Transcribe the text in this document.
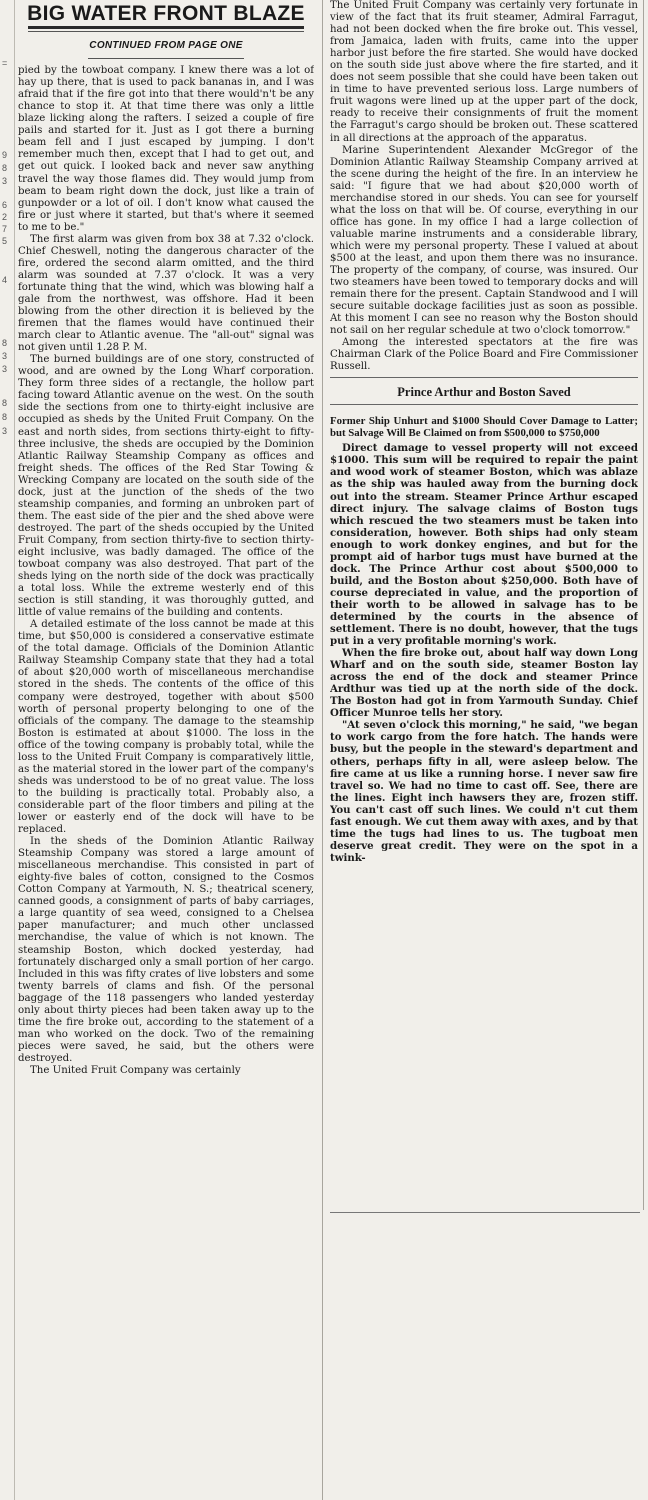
=
9
8
3
6
2
7
5
4
8
3
3
8
8
3
BIG WATER FRONT BLAZE
CONTINUED FROM PAGE ONE

pied by the towboat company. I knew there was a lot of hay up there, that is used to pack bananas in, and I was afraid that if the fire got into that there would'n't be any chance to stop it. At that time there was only a little blaze licking along the rafters. I seized a couple of fire pails and started for it. Just as I got there a burning beam fell and I just escaped by jumping. I don't remember much then, except that I had to get out, and get out quick. I looked back and never saw anything travel the way those flames did. They would jump from beam to beam right down the dock, just like a train of gunpowder or a lot of oil. I don't know what caused the fire or just where it started, but that's where it seemed to me to be."

The first alarm was given from box 38 at 7.32 o'clock. Chief Cheswell, noting the dangerous character of the fire, ordered the second alarm omitted, and the third alarm was sounded at 7.37 o'clock. It was a very fortunate thing that the wind, which was blowing half a gale from the northwest, was offshore. Had it been blowing from the other direction it is believed by the firemen that the flames would have continued their march clear to Atlantic avenue. The "all-out" signal was not given until 1.28 P. M.

The burned buildings are of one story, constructed of wood, and are owned by the Long Wharf corporation. They form three sides of a rectangle, the hollow part facing toward Atlantic avenue on the west. On the south side the sections from one to thirty-eight inclusive are occupied as sheds by the United Fruit Company. On the east and north sides, from sections thirty-eight to fifty-three inclusive, the sheds are occupied by the Dominion Atlantic Railway Steamship Company as offices and freight sheds. The offices of the Red Star Towing & Wrecking Company are located on the south side of the dock, just at the junction of the sheds of the two steamship companies, and forming an unbroken part of them. The east side of the pier and the shed above were destroyed. The part of the sheds occupied by the United Fruit Company, from section thirty-five to section thirty-eight inclusive, was badly damaged. The office of the towboat company was also destroyed. That part of the sheds lying on the north side of the dock was practically a total loss. While the extreme westerly end of this section is still standing, it was thoroughly gutted, and little of value remains of the building and contents.

A detailed estimate of the loss cannot be made at this time, but $50,000 is considered a conservative estimate of the total damage. Officials of the Dominion Atlantic Railway Steamship Company state that they had a total of about $20,000 worth of miscellaneous merchandise stored in the sheds. The contents of the office of this company were destroyed, together with about $500 worth of personal property belonging to one of the officials of the company. The damage to the steamship Boston is estimated at about $1000. The loss in the office of the towing company is probably total, while the loss to the United Fruit Company is comparatively little, as the material stored in the lower part of the company's sheds was understood to be of no great value. The loss to the building is practically total. Probably also, a considerable part of the floor timbers and piling at the lower or easterly end of the dock will have to be replaced.

In the sheds of the Dominion Atlantic Railway Steamship Company was stored a large amount of miscellaneous merchandise. This consisted in part of eighty-five bales of cotton, consigned to the Cosmos Cotton Company at Yarmouth, N. S.; theatrical scenery, canned goods, a consignment of parts of baby carriages, a large quantity of sea weed, consigned to a Chelsea paper manufacturer; and much other unclassed merchandise, the value of which is not known. The steamship Boston, which docked yesterday, had fortunately discharged only a small portion of her cargo. Included in this was fifty crates of live lobsters and some twenty barrels of clams and fish. Of the personal baggage of the 118 passengers who landed yesterday only about thirty pieces had been taken away up to the time the fire broke out, according to the statement of a man who worked on the dock. Two of the remaining pieces were saved, he said, but the others were destroyed.

The United Fruit Company was certainly

The United Fruit Company was certainly very fortunate in view of the fact that its fruit steamer, Admiral Farragut, had not been docked when the fire broke out. This vessel, from Jamaica, laden with fruits, came into the upper harbor just before the fire started. She would have docked on the south side just above where the fire started, and it does not seem possible that she could have been taken out in time to have prevented serious loss. Large numbers of fruit wagons were lined up at the upper part of the dock, ready to receive their consignments of fruit the moment the Farragut's cargo should be broken out. These scattered in all directions at the approach of the apparatus.

Marine Superintendent Alexander McGregor of the Dominion Atlantic Railway Steamship Company arrived at the scene during the height of the fire. In an interview he said: "I figure that we had about $20,000 worth of merchandise stored in our sheds. You can see for yourself what the loss on that will be. Of course, everything in our office has gone. In my office I had a large collection of valuable marine instruments and a considerable library, which were my personal property. These I valued at about $500 at the least, and upon them there was no insurance. The property of the company, of course, was insured. Our two steamers have been towed to temporary docks and will remain there for the present. Captain Standwood and I will secure suitable dockage facilities just as soon as possible. At this moment I can see no reason why the Boston should not sail on her regular schedule at two o'clock tomorrow."

Among the interested spectators at the fire was Chairman Clark of the Police Board and Fire Commissioner Russell.

Prince Arthur and Boston Saved
Former Ship Unhurt and $1000 Should Cover Damage to Latter; but Salvage Will Be Claimed on from $500,000 to $750,000

Direct damage to vessel property will not exceed $1000. This sum will be required to repair the paint and wood work of steamer Boston, which was ablaze as the ship was hauled away from the burning dock out into the stream. Steamer Prince Arthur escaped direct injury. The salvage claims of Boston tugs which rescued the two steamers must be taken into consideration, however. Both ships had only steam enough to work donkey engines, and but for the prompt aid of harbor tugs must have burned at the dock. The Prince Arthur cost about $500,000 to build, and the Boston about $250,000. Both have of course depreciated in value, and the proportion of their worth to be allowed in salvage has to be determined by the courts in the absence of settlement. There is no doubt, however, that the tugs put in a very profitable morning's work.

When the fire broke out, about half way down Long Wharf and on the south side, steamer Boston lay across the end of the dock and steamer Prince Ardthur was tied up at the north side of the dock. The Boston had got in from Yarmouth Sunday. Chief Officer Munroe tells her story.

"At seven o'clock this morning," he said, "we began to work cargo from the fore hatch. The hands were busy, but the people in the steward's department and others, perhaps fifty in all, were asleep below. The fire came at us like a running horse. I never saw fire travel so. We had no time to cast off. See, there are the lines. Eight inch hawsers they are, frozen stiff. You can't cast off such lines. We could n't cut them fast enough. We cut them away with axes, and by that time the tugs had lines to us. The tugboat men deserve great credit. They were on the spot in a twink-
